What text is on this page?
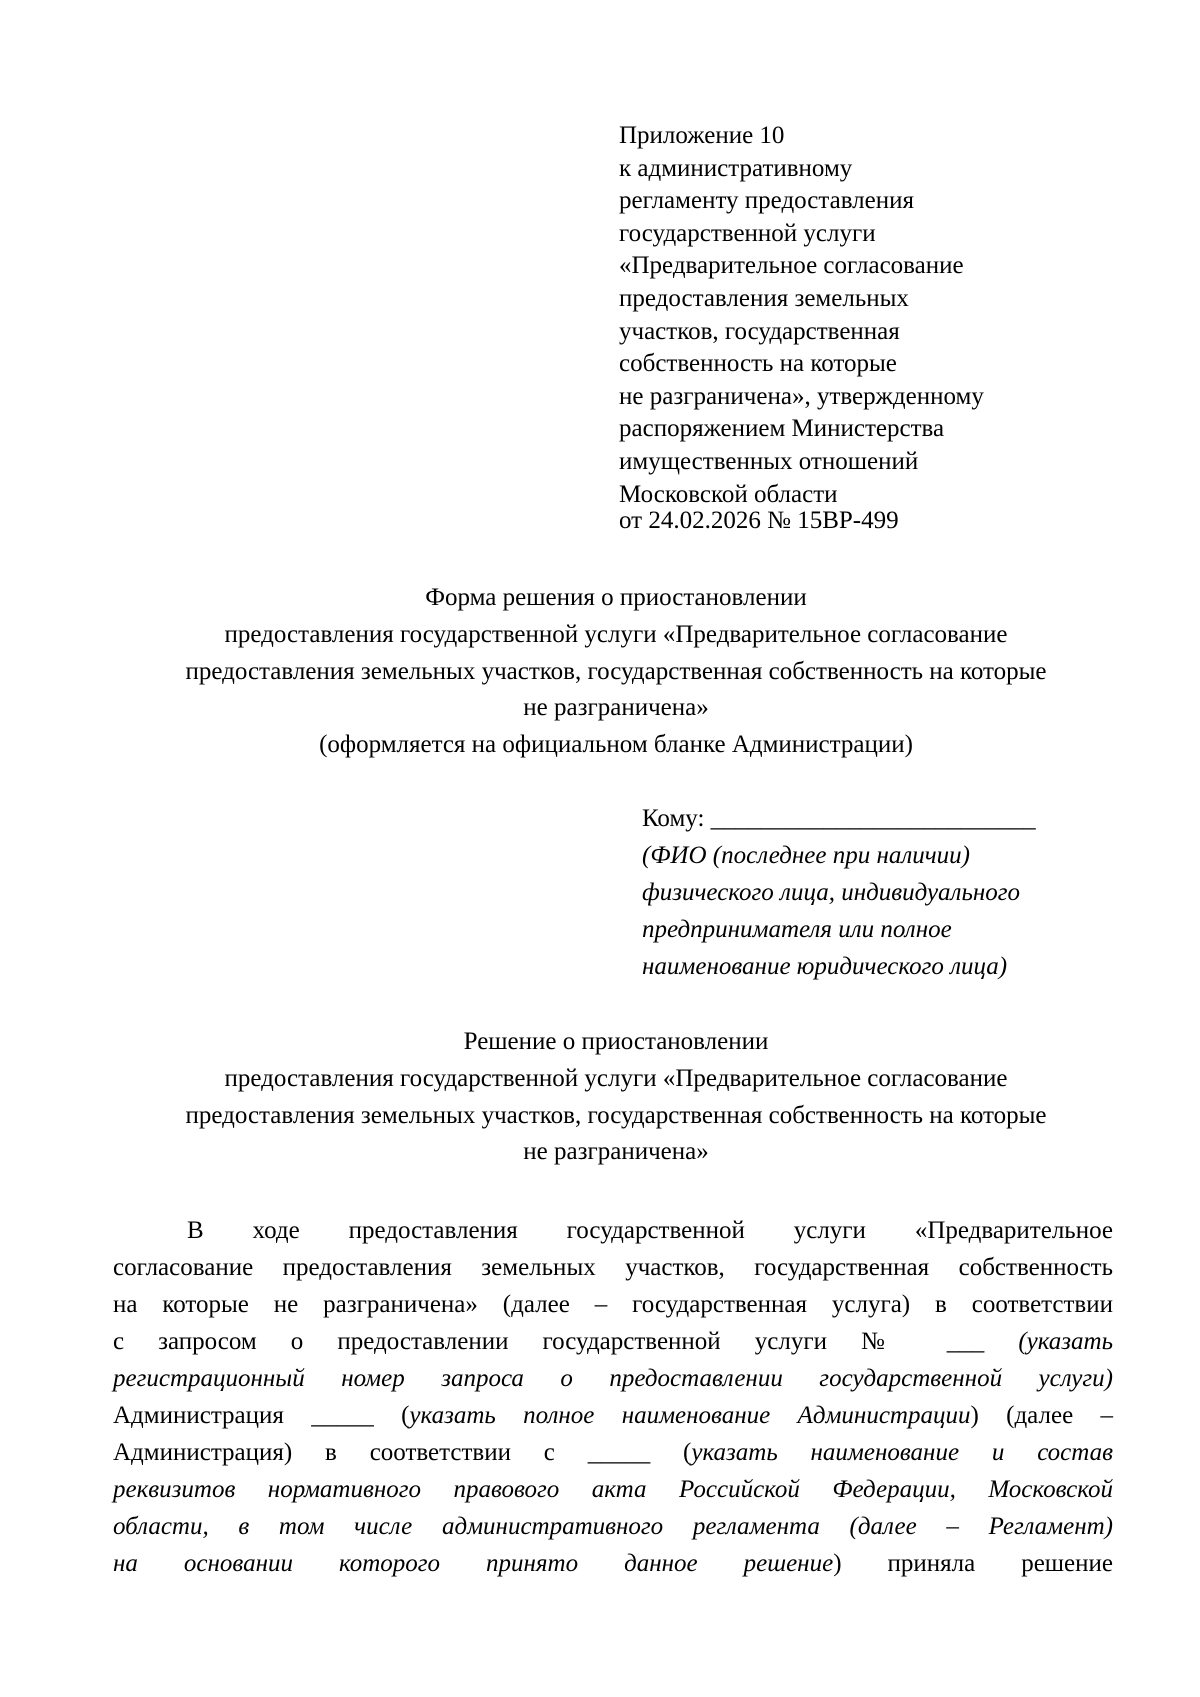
Приложение 10
к административному
регламенту предоставления
государственной услуги
«Предварительное согласование
предоставления земельных
участков, государственная
собственность на которые
не разграничена», утвержденному
распоряжением Министерства
имущественных отношений
Московской области
от 24.02.2026 № 15ВР-499
Форма решения о приостановлении
предоставления государственной услуги «Предварительное согласование
предоставления земельных участков, государственная собственность на которые
не разграничена»
(оформляется на официальном бланке Администрации)
Кому: __________________________
(ФИО (последнее при наличии)
физического лица, индивидуального
предпринимателя или полное
наименование юридического лица)
Решение о приостановлении
предоставления государственной услуги «Предварительное согласование
предоставления земельных участков, государственная собственность на которые
не разграничена»
В ходе предоставления государственной услуги «Предварительное
согласование предоставления земельных участков, государственная собственность
на которые не разграничена» (далее – государственная услуга) в соответствии
с запросом о предоставлении государственной услуги № ___ (указать
регистрационный номер запроса о предоставлении государственной услуги)
Администрация _____ (указать полное наименование Администрации) (далее –
Администрация) в соответствии с _____ (указать наименование и состав
реквизитов нормативного правового акта Российской Федерации, Московской
области, в том числе административного регламента (далее – Регламент)
на основании которого принято данное решение) приняла решение
